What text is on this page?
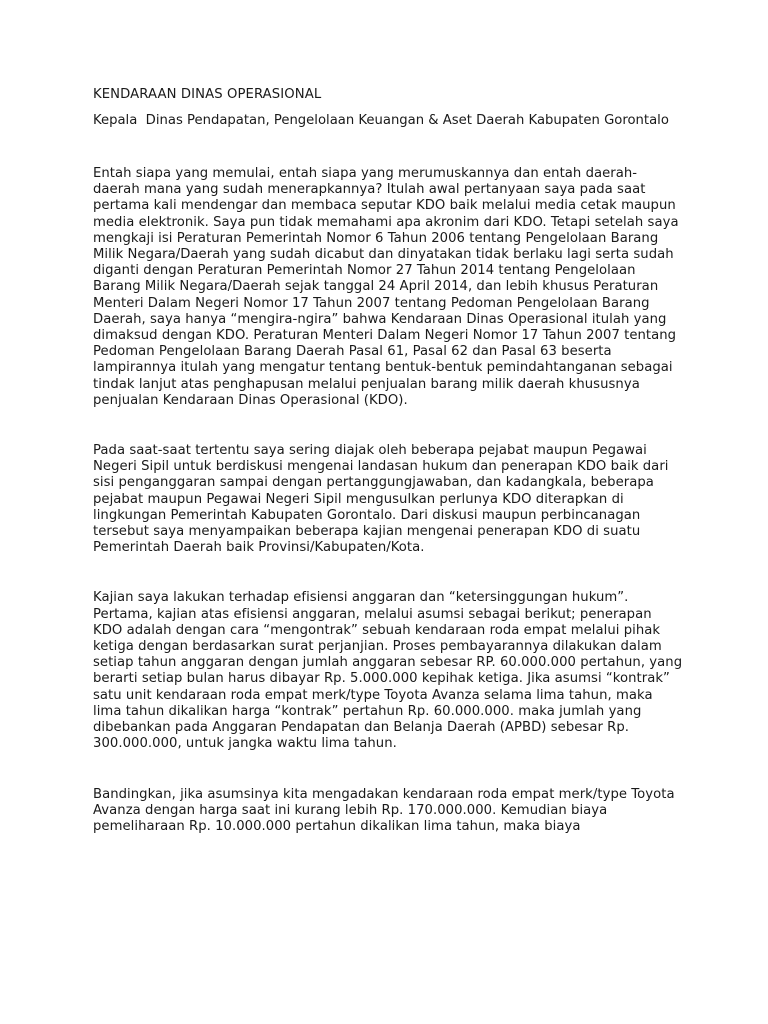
KENDARAAN DINAS OPERASIONAL
Kepala  Dinas Pendapatan, Pengelolaan Keuangan & Aset Daerah Kabupaten Gorontalo

Entah siapa yang memulai, entah siapa yang merumuskannya dan entah daerah-daerah mana yang sudah menerapkannya? Itulah awal pertanyaan saya pada saat pertama kali mendengar dan membaca seputar KDO baik melalui media cetak maupun media elektronik. Saya pun tidak memahami apa akronim dari KDO. Tetapi setelah saya mengkaji isi Peraturan Pemerintah Nomor 6 Tahun 2006 tentang Pengelolaan Barang Milik Negara/Daerah yang sudah dicabut dan dinyatakan tidak berlaku lagi serta sudah diganti dengan Peraturan Pemerintah Nomor 27 Tahun 2014 tentang Pengelolaan Barang Milik Negara/Daerah sejak tanggal 24 April 2014, dan lebih khusus Peraturan Menteri Dalam Negeri Nomor 17 Tahun 2007 tentang Pedoman Pengelolaan Barang Daerah, saya hanya “mengira-ngira” bahwa Kendaraan Dinas Operasional itulah yang dimaksud dengan KDO. Peraturan Menteri Dalam Negeri Nomor 17 Tahun 2007 tentang Pedoman Pengelolaan Barang Daerah Pasal 61, Pasal 62 dan Pasal 63 beserta lampirannya itulah yang mengatur tentang bentuk-bentuk pemindahtanganan sebagai tindak lanjut atas penghapusan melalui penjualan barang milik daerah khususnya penjualan Kendaraan Dinas Operasional (KDO).

Pada saat-saat tertentu saya sering diajak oleh beberapa pejabat maupun Pegawai Negeri Sipil untuk berdiskusi mengenai landasan hukum dan penerapan KDO baik dari sisi penganggaran sampai dengan pertanggungjawaban, dan kadangkala, beberapa pejabat maupun Pegawai Negeri Sipil mengusulkan perlunya KDO diterapkan di lingkungan Pemerintah Kabupaten Gorontalo. Dari diskusi maupun perbincanagan tersebut saya menyampaikan beberapa kajian mengenai penerapan KDO di suatu Pemerintah Daerah baik Provinsi/Kabupaten/Kota.

Kajian saya lakukan terhadap efisiensi anggaran dan “ketersinggungan hukum”. Pertama, kajian atas efisiensi anggaran, melalui asumsi sebagai berikut; penerapan KDO adalah dengan cara “mengontrak” sebuah kendaraan roda empat melalui pihak ketiga dengan berdasarkan surat perjanjian. Proses pembayarannya dilakukan dalam setiap tahun anggaran dengan jumlah anggaran sebesar RP. 60.000.000 pertahun, yang berarti setiap bulan harus dibayar Rp. 5.000.000 kepihak ketiga. Jika asumsi “kontrak” satu unit kendaraan roda empat merk/type Toyota Avanza selama lima tahun, maka lima tahun dikalikan harga “kontrak” pertahun Rp. 60.000.000. maka jumlah yang dibebankan pada Anggaran Pendapatan dan Belanja Daerah (APBD) sebesar Rp. 300.000.000, untuk jangka waktu lima tahun.

Bandingkan, jika asumsinya kita mengadakan kendaraan roda empat merk/type Toyota Avanza dengan harga saat ini kurang lebih Rp. 170.000.000. Kemudian biaya pemeliharaan Rp. 10.000.000 pertahun dikalikan lima tahun, maka biaya
